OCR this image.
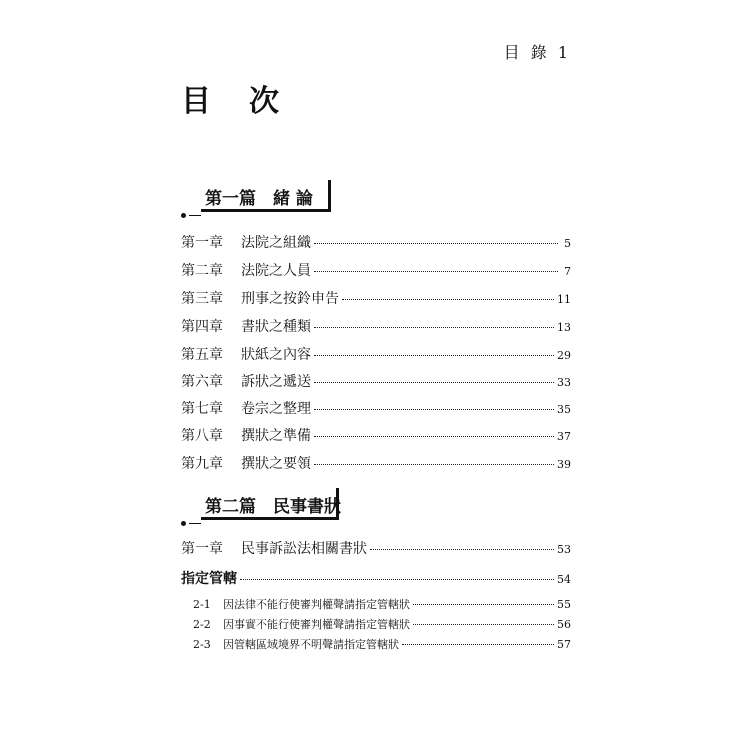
目 錄 1
目　次
第一篇　緒 論
第一章	法院之組織	5
第二章	法院之人員	7
第三章	刑事之按鈴申告	11
第四章	書狀之種類	13
第五章	狀紙之內容	29
第六章	訴狀之遞送	33
第七章	卷宗之整理	35
第八章	撰狀之準備	37
第九章	撰狀之要領	39
第二篇　民事書狀
第一章	民事訴訟法相關書狀	53
指定管轄	54
2-1	因法律不能行使審判權聲請指定管轄狀	55
2-2	因事實不能行使審判權聲請指定管轄狀	56
2-3	因管轄區域境界不明聲請指定管轄狀	57
